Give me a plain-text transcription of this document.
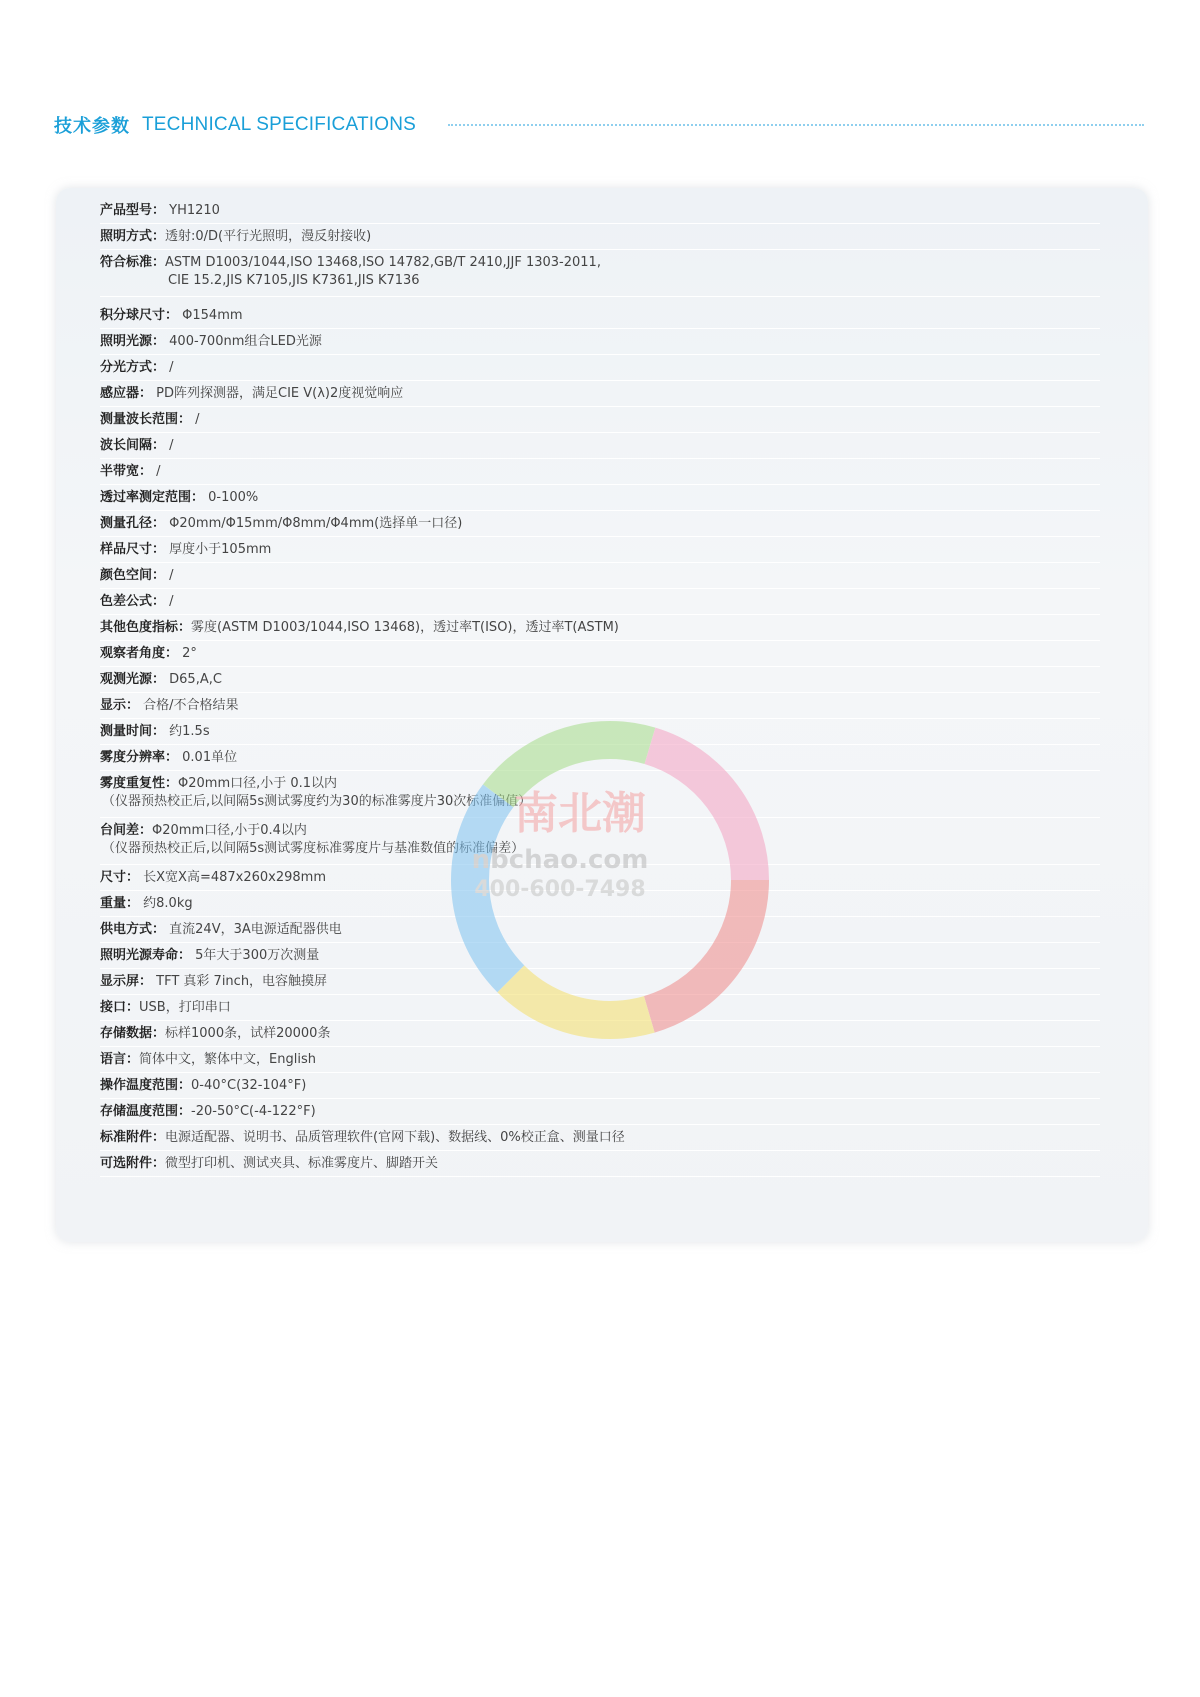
技术参数 TECHNICAL SPECIFICATIONS
产品型号： YH1210
照明方式：透射:0/D(平行光照明，漫反射接收)
符合标准：ASTM D1003/1044,ISO 13468,ISO 14782,GB/T 2410,JJF 1303-2011,
CIE 15.2,JIS K7105,JIS K7361,JIS K7136
积分球尺寸： Φ154mm
照明光源： 400-700nm组合LED光源
分光方式： /
感应器： PD阵列探测器，满足CIE V(λ)2度视觉响应
测量波长范围： /
波长间隔： /
半带宽： /
透过率测定范围： 0-100%
测量孔径： Φ20mm/Φ15mm/Φ8mm/Φ4mm(选择单一口径)
样品尺寸： 厚度小于105mm
颜色空间： /
色差公式： /
其他色度指标：雾度(ASTM D1003/1044,ISO 13468)，透过率T(ISO)，透过率T(ASTM)
观察者角度： 2°
观测光源： D65,A,C
显示： 合格/不合格结果
测量时间： 约1.5s
雾度分辨率： 0.01单位
雾度重复性：Φ20mm口径,小于 0.1以内
（仪器预热校正后,以间隔5s测试雾度约为30的标准雾度片30次标准偏值）
台间差：Φ20mm口径,小于0.4以内
（仪器预热校正后,以间隔5s测试雾度标准雾度片与基准数值的标准偏差）
尺寸： 长X宽X高=487x260x298mm
重量： 约8.0kg
供电方式： 直流24V，3A电源适配器供电
照明光源寿命： 5年大于300万次测量
显示屏： TFT 真彩 7inch，电容触摸屏
接口：USB，打印串口
存储数据：标样1000条，试样20000条
语言：简体中文，繁体中文，English
操作温度范围：0-40°C(32-104°F)
存储温度范围：-20-50°C(-4-122°F)
标准附件：电源适配器、说明书、品质管理软件(官网下载)、数据线、0%校正盒、测量口径
可选附件：微型打印机、测试夹具、标准雾度片、脚踏开关
南北潮
nbchao.com
400-600-7498
